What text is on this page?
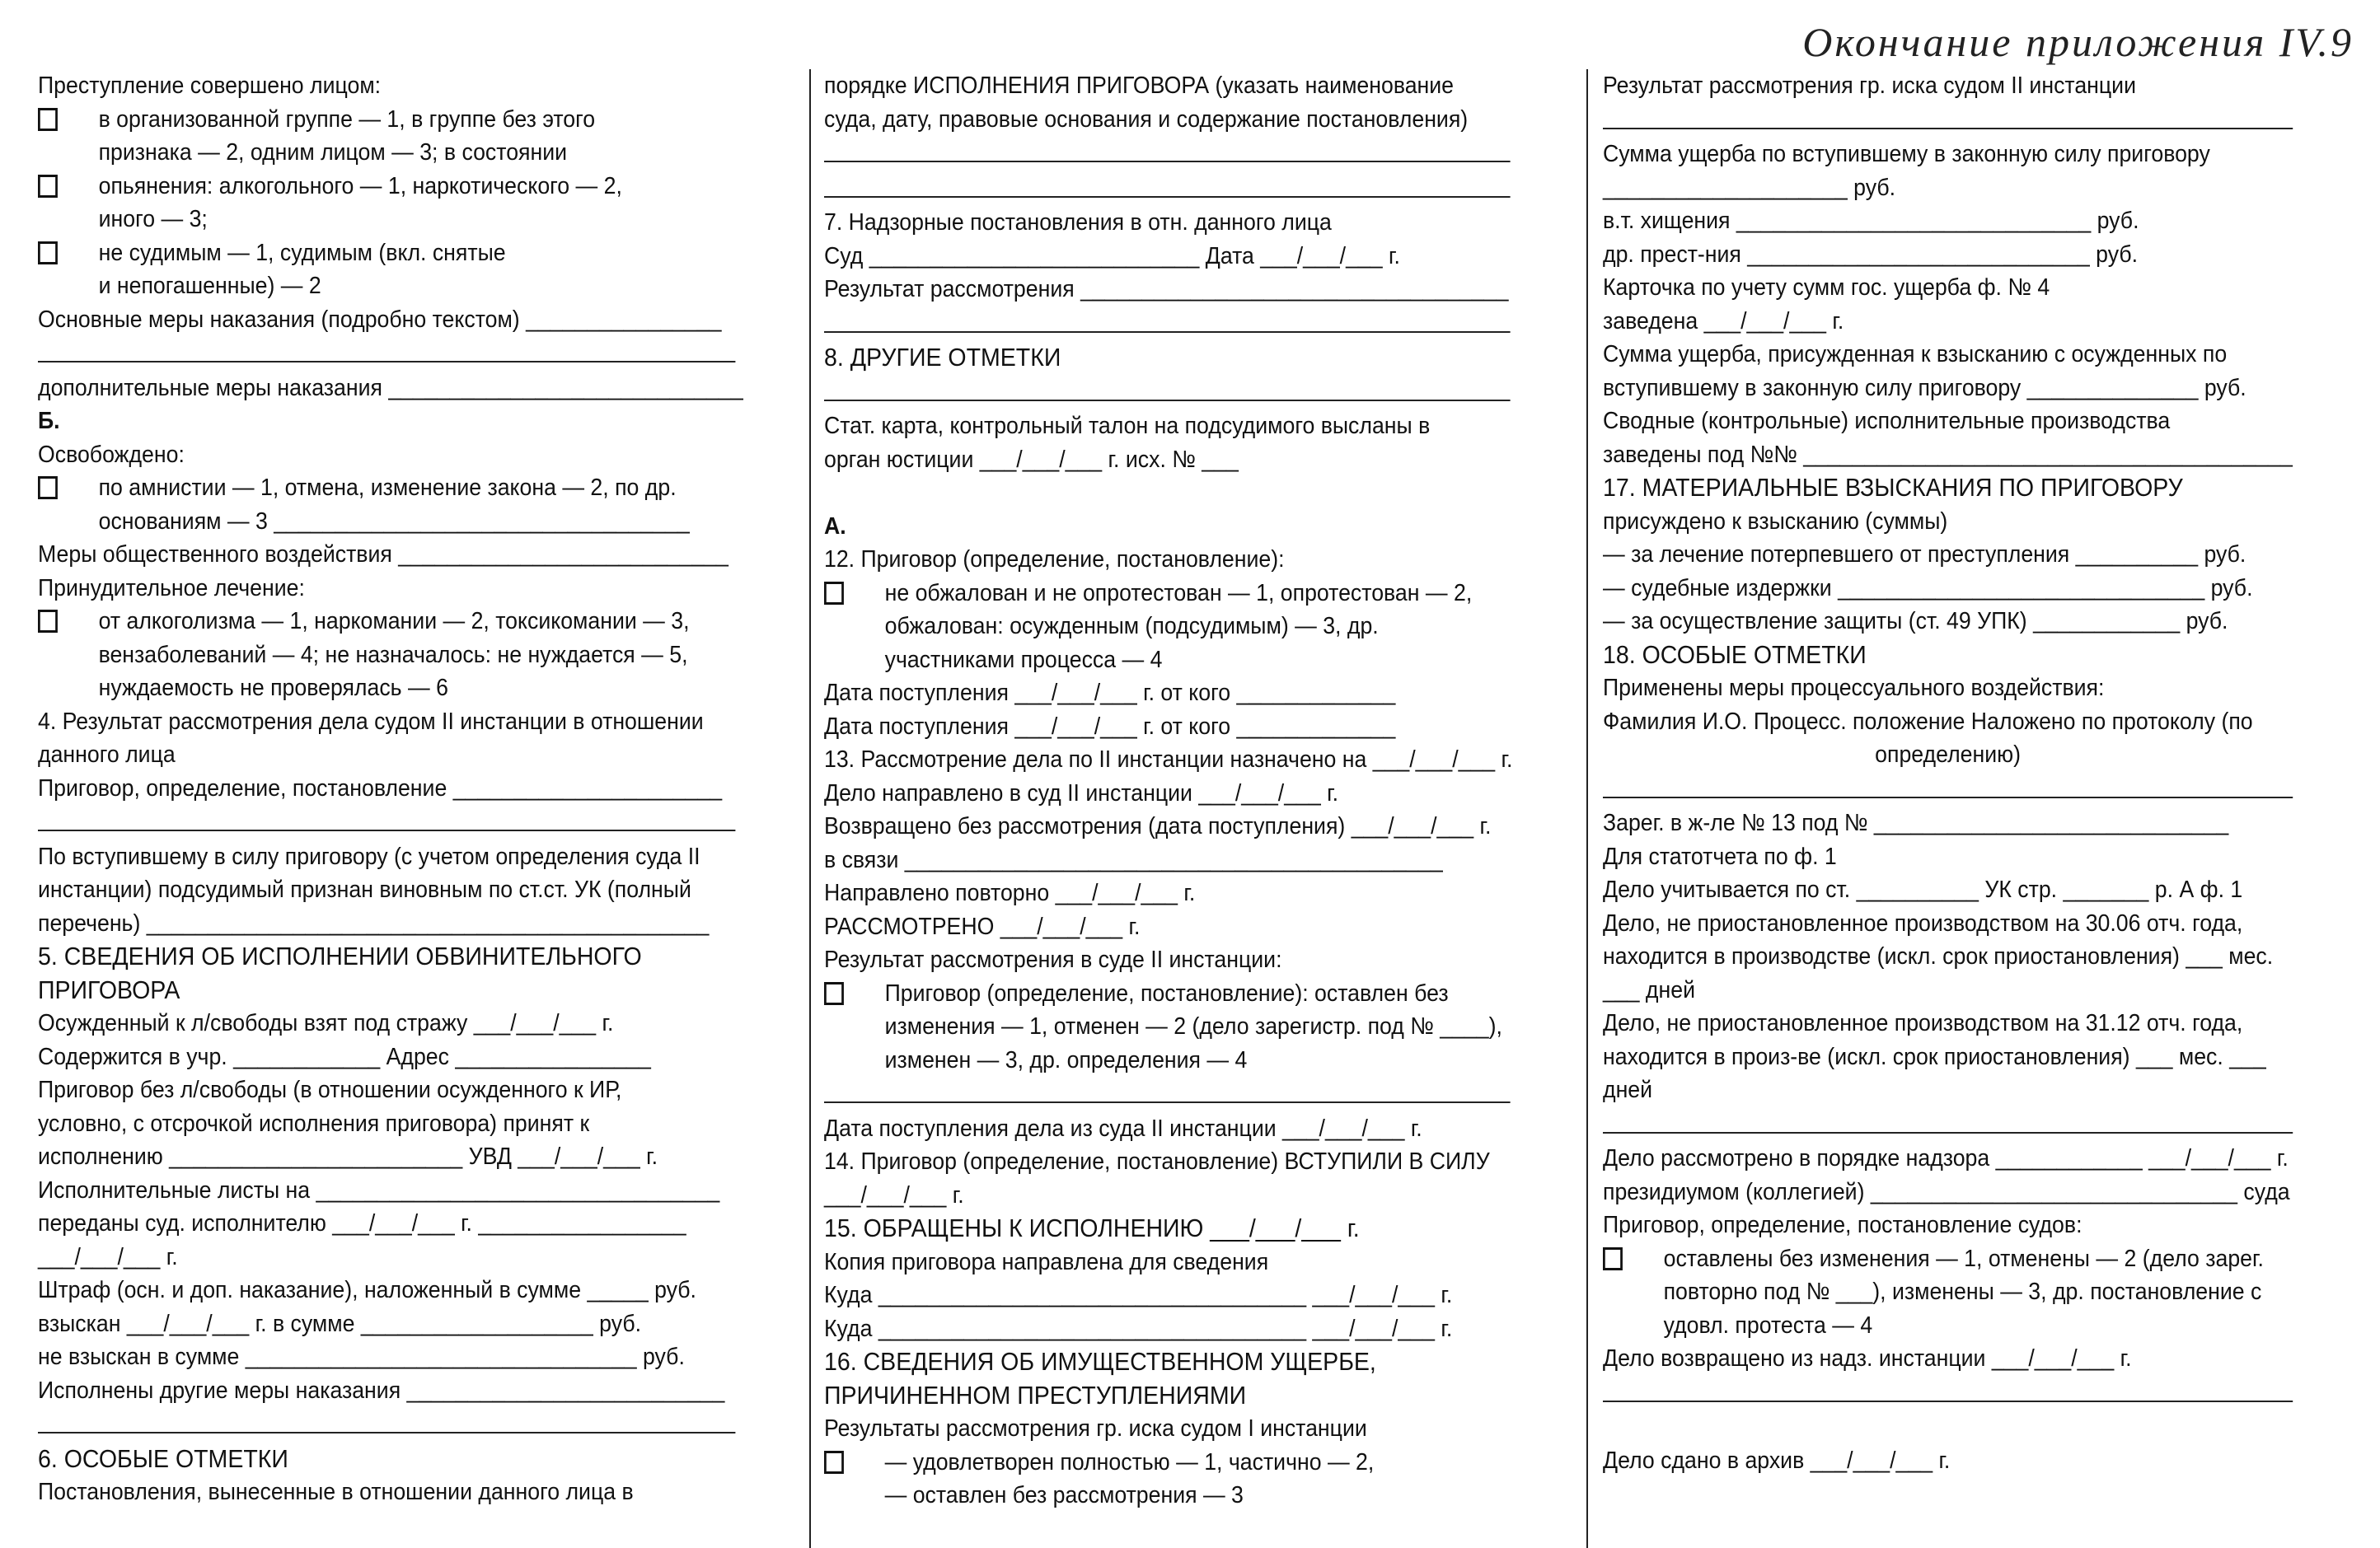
Окончание приложения IV.9
Преступление совершено лицом:
в организованной группе — 1, в группе без этого
признака — 2, одним лицом — 3; в состоянии
опьянения: алкогольного — 1, наркотического — 2,
иного — 3;
не судимым — 1, судимым (вкл. снятые
и непогашенные) — 2
Основные меры наказания (подробно текстом) ________________
дополнительные меры наказания _____________________________
Б.
Освобождено:
по амнистии — 1, отмена, изменение закона — 2, по др.
основаниям — 3 __________________________________
Меры общественного воздействия ___________________________
Принудительное лечение:
от алкоголизма — 1, наркомании — 2, токсикомании — 3,
вензаболеваний — 4; не назначалось: не нуждается — 5,
нуждаемость не проверялась — 6
4. Результат рассмотрения дела судом II инстанции в отношении
данного лица
Приговор, определение, постановление ______________________
По вступившему в силу приговору (с учетом определения суда II
инстанции) подсудимый признан виновным по ст.ст. УК (полный
перечень) ______________________________________________
5. СВЕДЕНИЯ ОБ ИСПОЛНЕНИИ ОБВИНИТЕЛЬНОГО
ПРИГОВОРА
Осужденный к л/свободы взят под стражу ___/___/___ г.
Содержится в учр. ____________ Адрес ________________
Приговор без л/свободы (в отношении осужденного к ИР,
условно, с отсрочкой исполнения приговора) принят к
исполнению ________________________ УВД ___/___/___ г.
Исполнительные листы на _________________________________
переданы суд. исполнителю ___/___/___ г. _________________
___/___/___ г.
Штраф (осн. и доп. наказание), наложенный в сумме _____ руб.
взыскан ___/___/___ г. в сумме ___________________ руб.
не взыскан в сумме ________________________________ руб.
Исполнены другие меры наказания __________________________
6. ОСОБЫЕ ОТМЕТКИ
Постановления, вынесенные в отношении данного лица в
порядке ИСПОЛНЕНИЯ ПРИГОВОРА (указать наименование
суда, дату, правовые основания и содержание постановления)
7. Надзорные постановления в отн. данного лица
Суд ___________________________ Дата ___/___/___ г.
Результат рассмотрения ___________________________________
8. ДРУГИЕ ОТМЕТКИ
Стат. карта, контрольный талон на подсудимого высланы в
орган юстиции ___/___/___ г. исх. № ___
А.
12. Приговор (определение, постановление):
не обжалован и не опротестован — 1, опротестован — 2,
обжалован: осужденным (подсудимым) — 3, др.
участниками процесса — 4
Дата поступления ___/___/___ г. от кого _____________
Дата поступления ___/___/___ г. от кого _____________
13. Рассмотрение дела по II инстанции назначено на ___/___/___ г.
Дело направлено в суд II инстанции ___/___/___ г.
Возвращено без рассмотрения (дата поступления) ___/___/___ г.
в связи ____________________________________________
Направлено повторно ___/___/___ г.
РАССМОТРЕНО ___/___/___ г.
Результат рассмотрения в суде II инстанции:
Приговор (определение, постановление): оставлен без
изменения — 1, отменен — 2 (дело зарегистр. под № ____),
изменен — 3, др. определения — 4
Дата поступления дела из суда II инстанции ___/___/___ г.
14. Приговор (определение, постановление) ВСТУПИЛИ В СИЛУ
___/___/___ г.
15. ОБРАЩЕНЫ К ИСПОЛНЕНИЮ ___/___/___ г.
Копия приговора направлена для сведения
Куда ___________________________________ ___/___/___ г.
Куда ___________________________________ ___/___/___ г.
16. СВЕДЕНИЯ ОБ ИМУЩЕСТВЕННОМ УЩЕРБЕ,
ПРИЧИНЕННОМ ПРЕСТУПЛЕНИЯМИ
Результаты рассмотрения гр. иска судом I инстанции
— удовлетворен полностью — 1, частично — 2,
— оставлен без рассмотрения — 3
Результат рассмотрения гр. иска судом II инстанции
Сумма ущерба по вступившему в законную силу приговору
____________________ руб.
в.т. хищения _____________________________ руб.
др. прест-ния ____________________________ руб.
Карточка по учету сумм гос. ущерба ф. № 4
заведена ___/___/___ г.
Сумма ущерба, присужденная к взысканию с осужденных по
вступившему в законную силу приговору ______________ руб.
Сводные (контрольные) исполнительные производства
заведены под №№ ________________________________________
17. МАТЕРИАЛЬНЫЕ ВЗЫСКАНИЯ ПО ПРИГОВОРУ
присуждено к взысканию (суммы)
— за лечение потерпевшего от преступления __________ руб.
— судебные издержки ______________________________ руб.
— за осуществление защиты (ст. 49 УПК) ____________ руб.
18. ОСОБЫЕ ОТМЕТКИ
Применены меры процессуального воздействия:
Фамилия И.О. Процесс. положение Наложено по протоколу (по
определению)
Зарег. в ж-ле № 13 под № _____________________________
Для статотчета по ф. 1
Дело учитывается по ст. __________ УК стр. _______ р. А ф. 1
Дело, не приостановленное производством на 30.06 отч. года,
находится в производстве (искл. срок приостановления) ___ мес.
___ дней
Дело, не приостановленное производством на 31.12 отч. года,
находится в произ-ве (искл. срок приостановления) ___ мес. ___
дней
Дело рассмотрено в порядке надзора ____________ ___/___/___ г.
президиумом (коллегией) ______________________________ суда
Приговор, определение, постановление судов:
оставлены без изменения — 1, отменены — 2 (дело зарег.
повторно под № ___), изменены — 3, др. постановление с
удовл. протеста — 4
Дело возвращено из надз. инстанции ___/___/___ г.
Дело сдано в архив ___/___/___ г.
